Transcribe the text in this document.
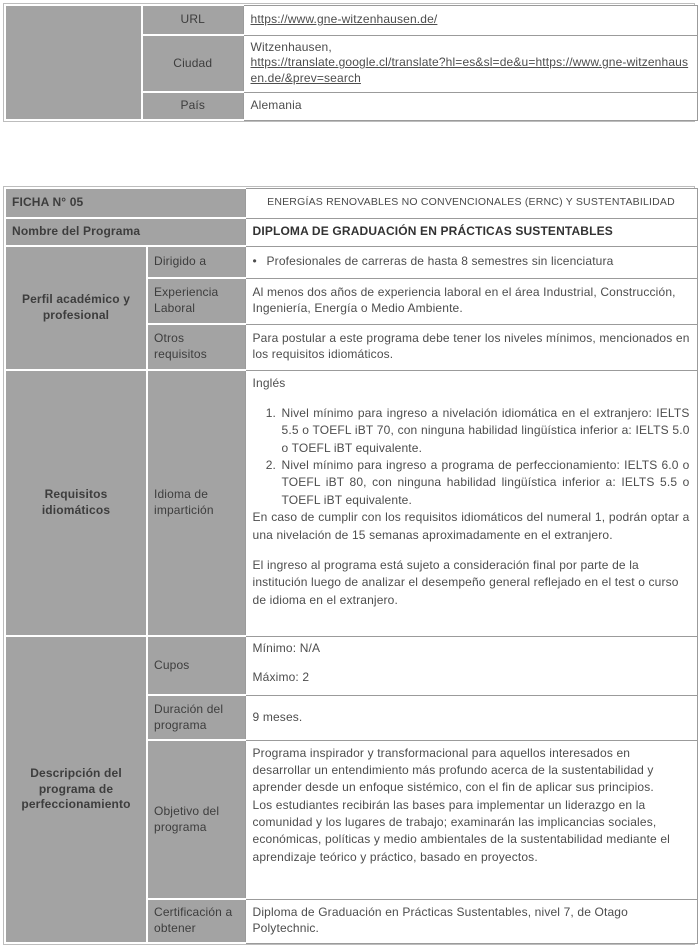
	URL	https://www.gne-witzenhausen.de/
	Ciudad	Witzenhausen,
https://translate.google.cl/translate?hl=es&sl=de&u=https://www.gne-witzenhausen.de/&prev=search

	País	Alemania
FICHA N° 05		ENERGÍAS RENOVABLES NO CONVENCIONALES (ERNC) Y SUSTENTABILIDAD
Nombre del Programa		DIPLOMA DE GRADUACIÓN EN PRÁCTICAS SUSTENTABLES
Perfil académico y profesional	Dirigido a	• Profesionales de carreras de hasta 8 semestres sin licenciatura
	Experiencia Laboral	Al menos dos años de experiencia laboral en el área Industrial, Construcción, Ingeniería, Energía o Medio Ambiente.
	Otros requisitos	Para postular a este programa debe tener los niveles mínimos, mencionados en los requisitos idiomáticos.
Requisitos idiomáticos	Idioma de impartición	

Inglés

1. Nivel mínimo para ingreso a nivelación idiomática en el extranjero: IELTS 5.5 o TOEFL iBT 70, con ninguna habilidad lingüística inferior a: IELTS 5.0 o TOEFL iBT equivalente.
2. Nivel mínimo para ingreso a programa de perfeccionamiento: IELTS 6.0 o TOEFL iBT 80, con ninguna habilidad lingüística inferior a: IELTS 5.5 o TOEFL iBT equivalente.

En caso de cumplir con los requisitos idiomáticos del numeral 1, podrán optar a una nivelación de 15 semanas aproximadamente en el extranjero.

El ingreso al programa está sujeto a consideración final por parte de la institución luego de analizar el desempeño general reflejado en el test o curso de idioma en el extranjero.

Descripción del programa de perfeccionamiento	Cupos	Mínimo: N/A

Máximo: 2

	Duración del programa	9 meses.
	Objetivo del programa	Programa inspirador y transformacional para aquellos interesados en desarrollar un entendimiento más profundo acerca de la sustentabilidad y aprender desde un enfoque sistémico, con el fin de aplicar sus principios.

Los estudiantes recibirán las bases para implementar un liderazgo en la comunidad y los lugares de trabajo; examinarán las implicancias sociales, económicas, políticas y medio ambientales de la sustentabilidad mediante el aprendizaje teórico y práctico, basado en proyectos.

	Certificación a obtener	Diploma de Graduación en Prácticas Sustentables, nivel 7, de Otago Polytechnic.
